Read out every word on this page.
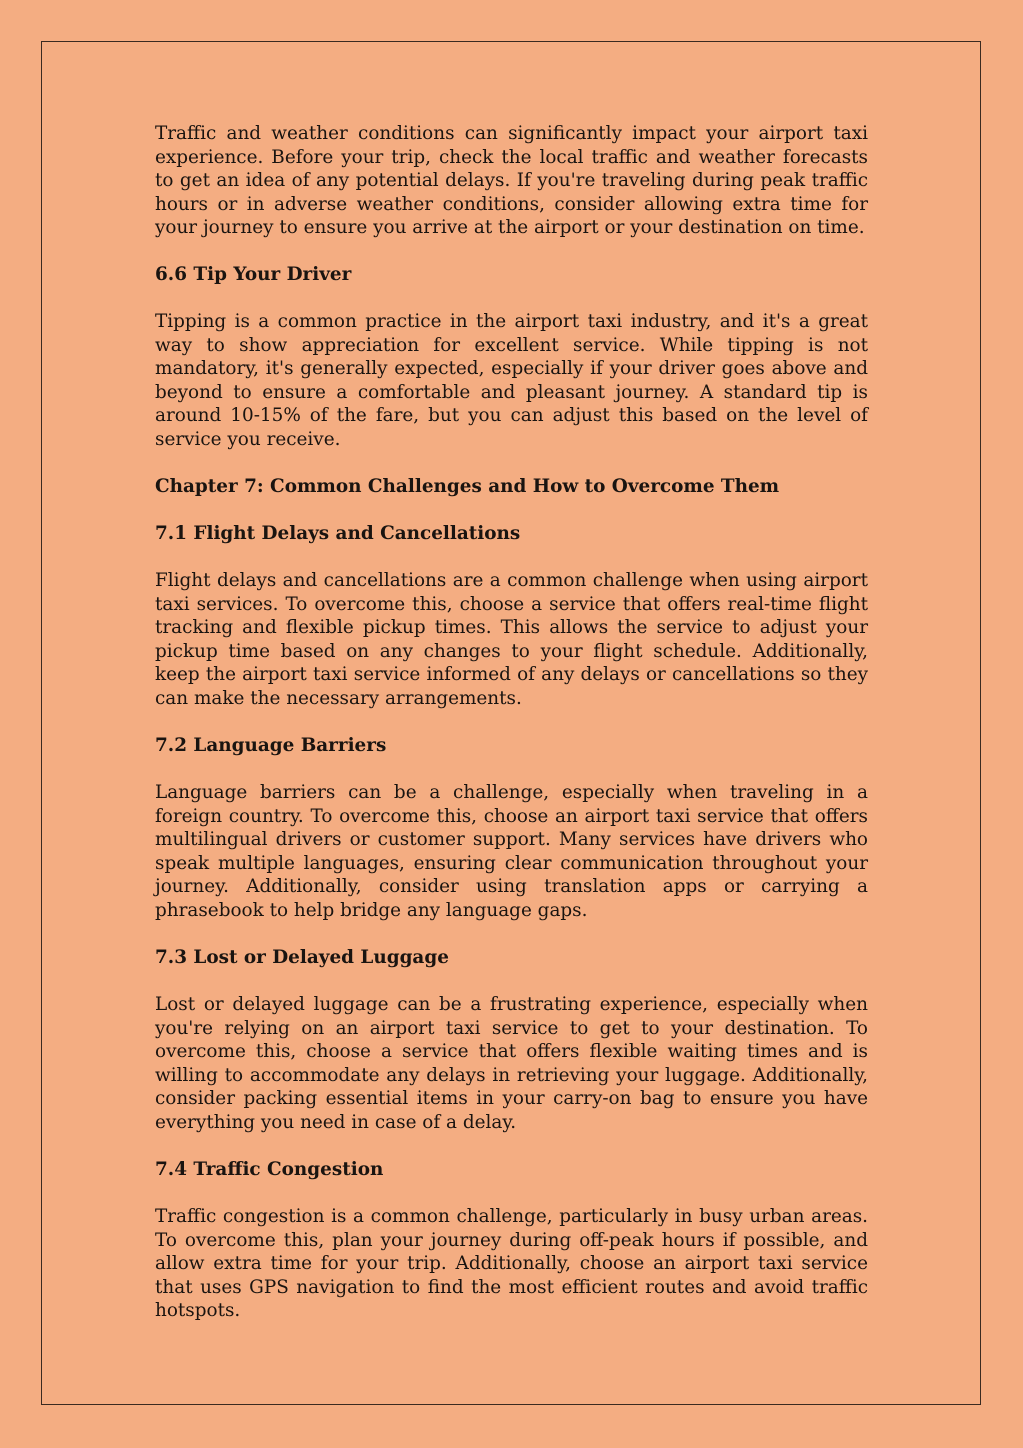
Traffic and weather conditions can significantly impact your airport taxi experience. Before your trip, check the local traffic and weather forecasts to get an idea of any potential delays. If you're traveling during peak traffic hours or in adverse weather conditions, consider allowing extra time for your journey to ensure you arrive at the airport or your destination on time.

6.6 Tip Your Driver

Tipping is a common practice in the airport taxi industry, and it's a great way to show appreciation for excellent service. While tipping is not mandatory, it's generally expected, especially if your driver goes above and beyond to ensure a comfortable and pleasant journey. A standard tip is around 10-15% of the fare, but you can adjust this based on the level of service you receive.

Chapter 7: Common Challenges and How to Overcome Them
7.1 Flight Delays and Cancellations

Flight delays and cancellations are a common challenge when using airport taxi services. To overcome this, choose a service that offers real-time flight tracking and flexible pickup times. This allows the service to adjust your pickup time based on any changes to your flight schedule. Additionally, keep the airport taxi service informed of any delays or cancellations so they can make the necessary arrangements.

7.2 Language Barriers

Language barriers can be a challenge, especially when traveling in a foreign country. To overcome this, choose an airport taxi service that offers multilingual drivers or customer support. Many services have drivers who speak multiple languages, ensuring clear communication throughout your journey. Additionally, consider using translation apps or carrying a phrasebook to help bridge any language gaps.

7.3 Lost or Delayed Luggage

Lost or delayed luggage can be a frustrating experience, especially when you're relying on an airport taxi service to get to your destination. To overcome this, choose a service that offers flexible waiting times and is willing to accommodate any delays in retrieving your luggage. Additionally, consider packing essential items in your carry-on bag to ensure you have everything you need in case of a delay.

7.4 Traffic Congestion

Traffic congestion is a common challenge, particularly in busy urban areas. To overcome this, plan your journey during off-peak hours if possible, and allow extra time for your trip. Additionally, choose an airport taxi service that uses GPS navigation to find the most efficient routes and avoid traffic hotspots.
